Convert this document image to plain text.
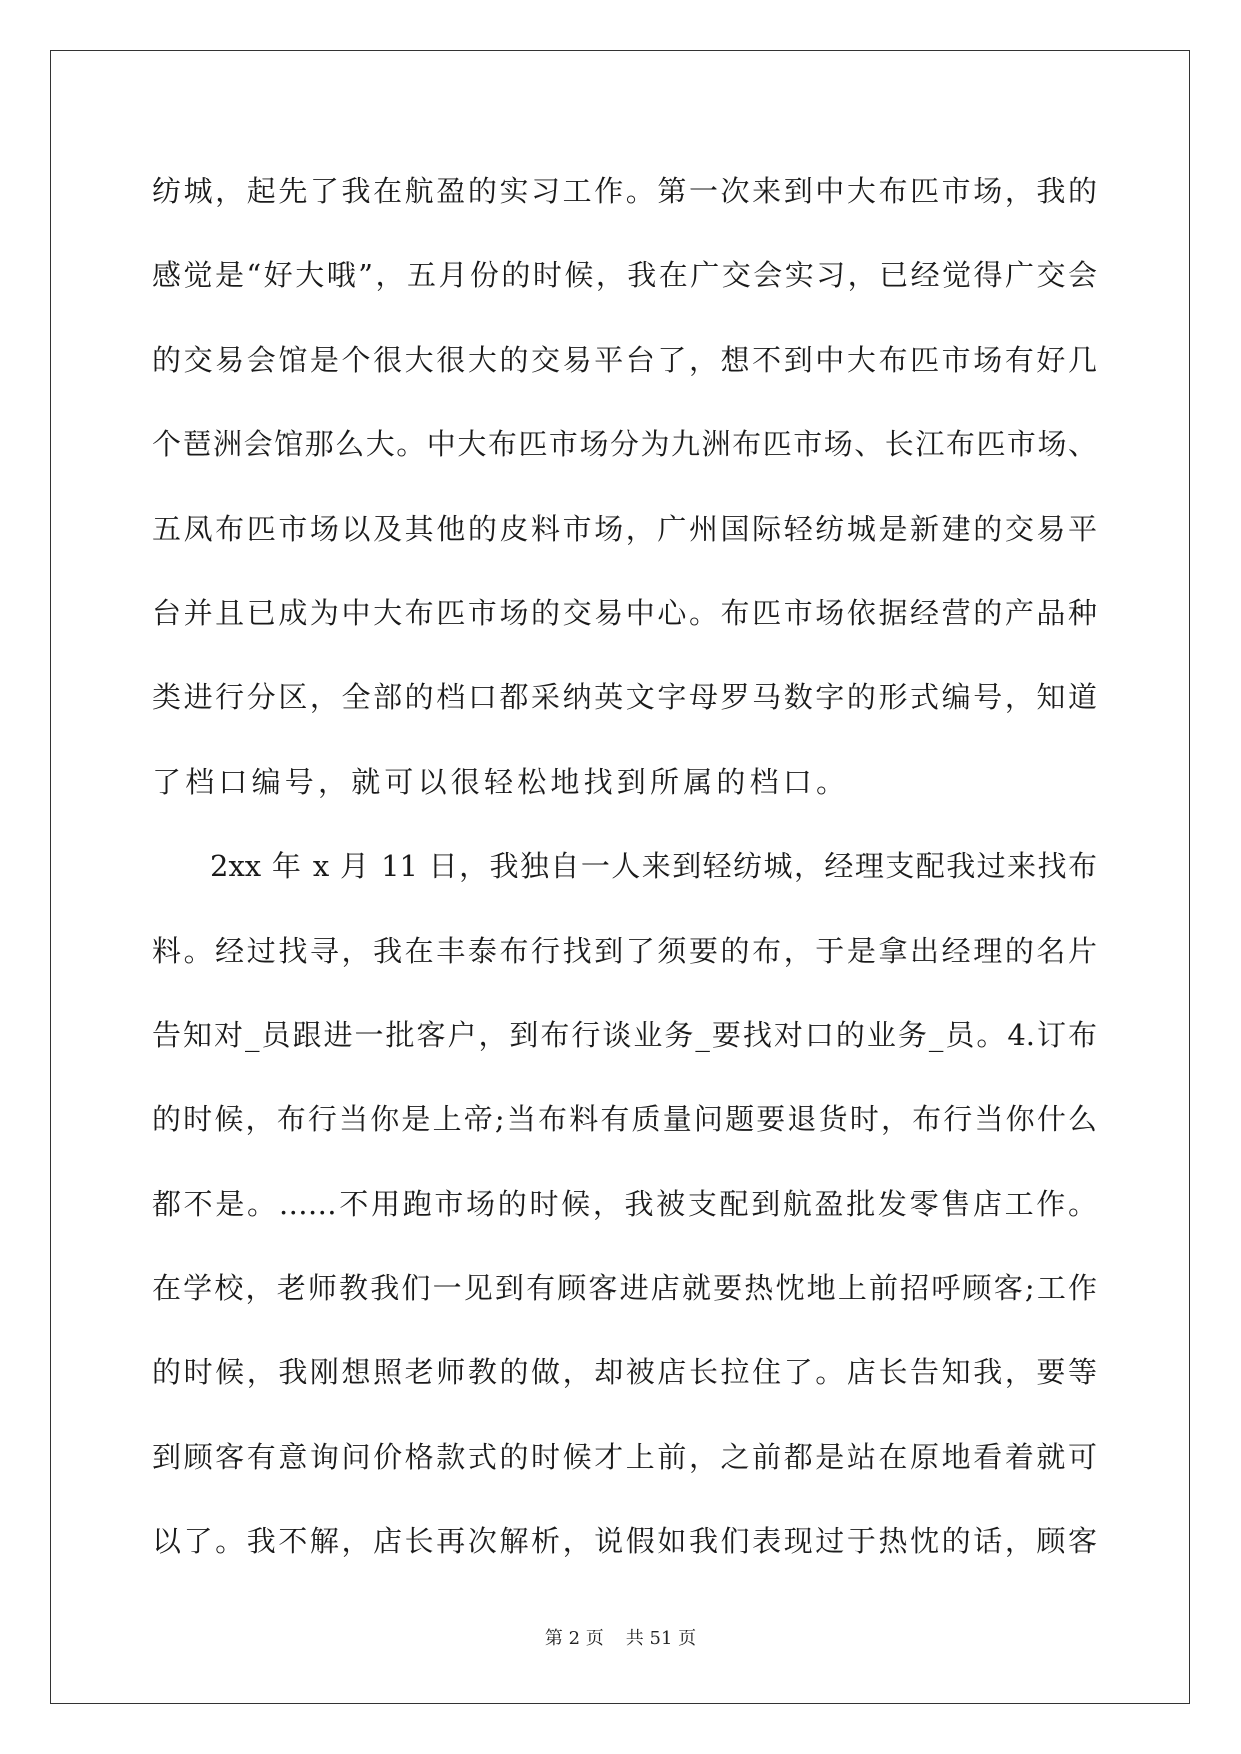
纺城，起先了我在航盈的实习工作。第一次来到中大布匹市场，我的
感觉是“好大哦”，五月份的时候，我在广交会实习，已经觉得广交会
的交易会馆是个很大很大的交易平台了，想不到中大布匹市场有好几
个琶洲会馆那么大。中大布匹市场分为九洲布匹市场、长江布匹市场、
五凤布匹市场以及其他的皮料市场，广州国际轻纺城是新建的交易平
台并且已成为中大布匹市场的交易中心。布匹市场依据经营的产品种
类进行分区，全部的档口都采纳英文字母罗马数字的形式编号，知道
了档口编号，就可以很轻松地找到所属的档口。
2xx 年 x 月 11 日，我独自一人来到轻纺城，经理支配我过来找布
料。经过找寻，我在丰泰布行找到了须要的布，于是拿出经理的名片
告知对_员跟进一批客户，到布行谈业务_要找对口的业务_员。4.订布
的时候，布行当你是上帝;当布料有质量问题要退货时，布行当你什么
都不是。……不用跑市场的时候，我被支配到航盈批发零售店工作。
在学校，老师教我们一见到有顾客进店就要热忱地上前招呼顾客;工作
的时候，我刚想照老师教的做，却被店长拉住了。店长告知我，要等
到顾客有意询问价格款式的时候才上前，之前都是站在原地看着就可
以了。我不解，店长再次解析，说假如我们表现过于热忱的话，顾客
第 2 页 共 51 页
